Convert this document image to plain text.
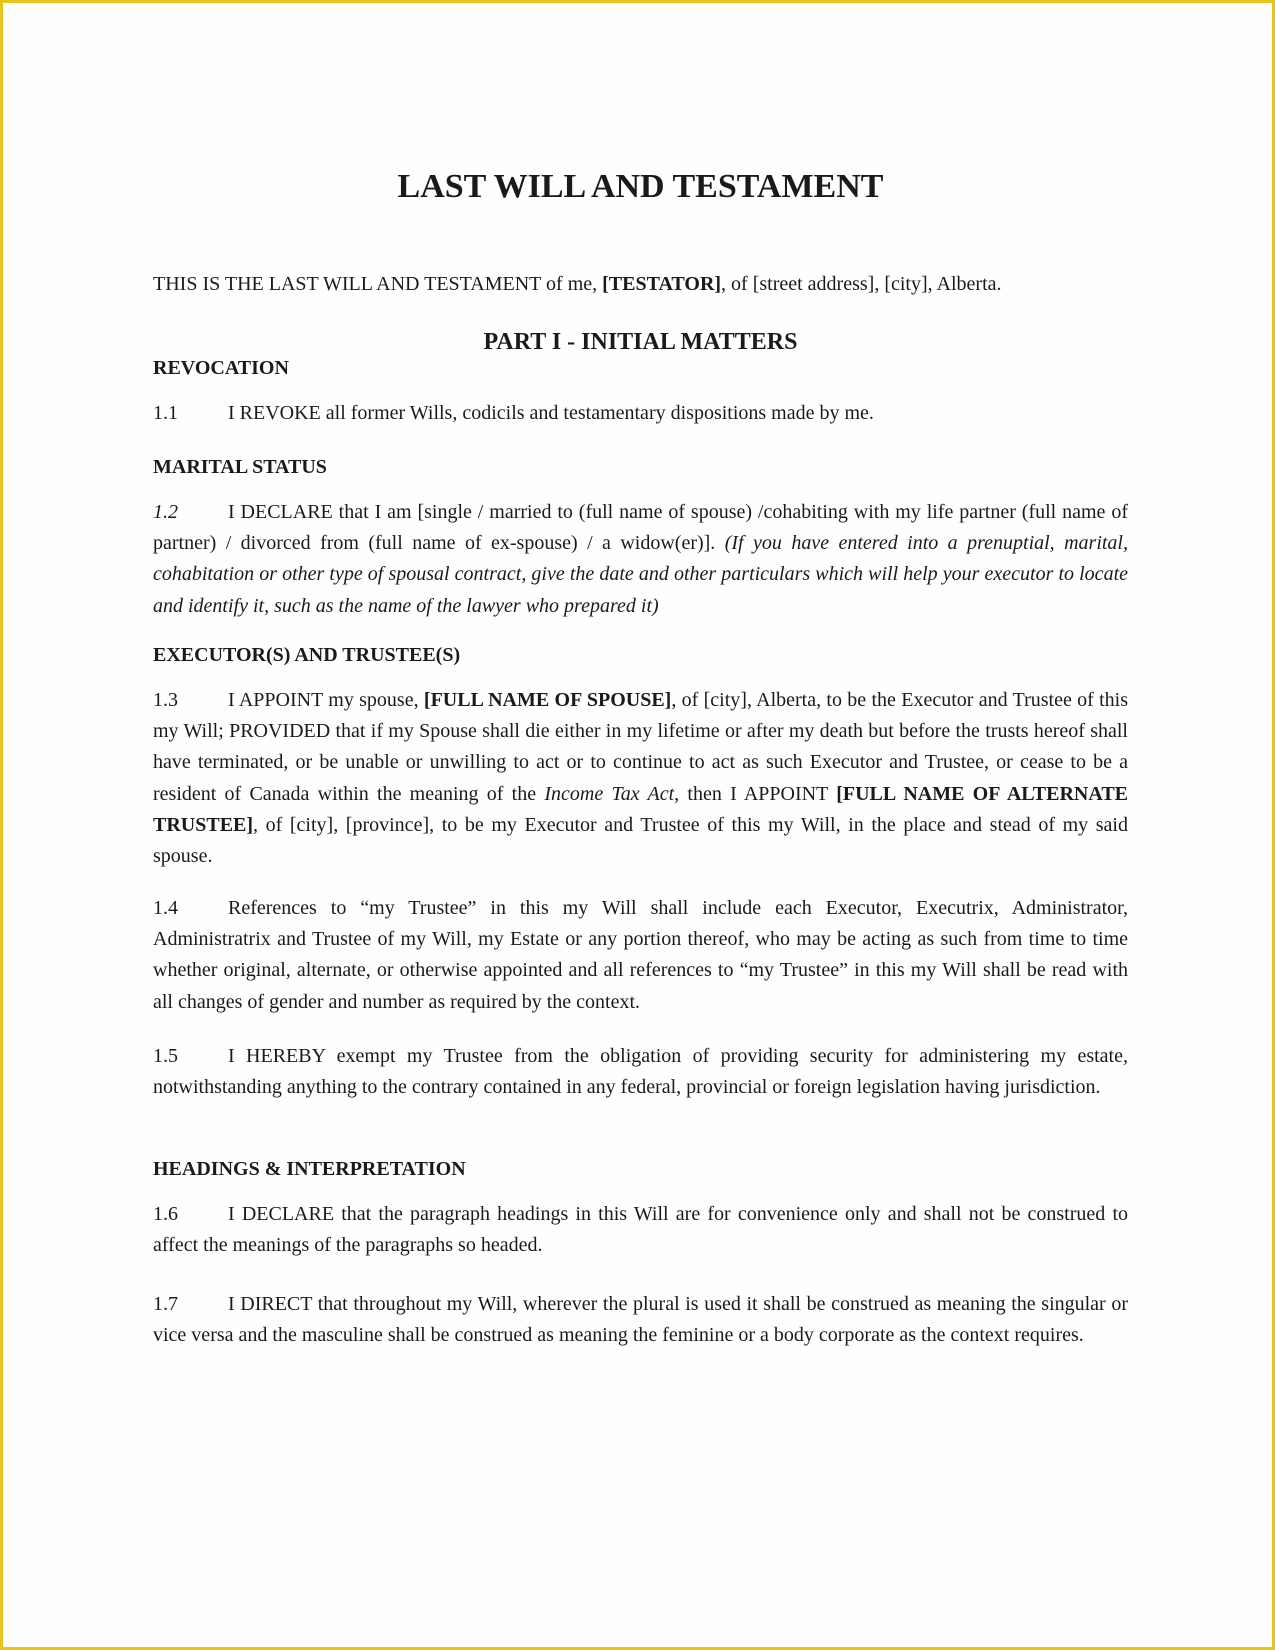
LAST WILL AND TESTAMENT

THIS IS THE LAST WILL AND TESTAMENT of me, [TESTATOR], of [street address], [city], Alberta.

PART I - INITIAL MATTERS
REVOCATION

1.1	I REVOKE all former Wills, codicils and testamentary dispositions made by me.

MARITAL STATUS

1.2	I DECLARE that I am [single / married to (full name of spouse) /cohabiting with my life partner (full name of partner) / divorced from (full name of ex-spouse) / a widow(er)]. (If you have entered into a prenuptial, marital, cohabitation or other type of spousal contract, give the date and other particulars which will help your executor to locate and identify it, such as the name of the lawyer who prepared it)

EXECUTOR(S) AND TRUSTEE(S)

1.3	I APPOINT my spouse, [FULL NAME OF SPOUSE], of [city], Alberta, to be the Executor and Trustee of this my Will; PROVIDED that if my Spouse shall die either in my lifetime or after my death but before the trusts hereof shall have terminated, or be unable or unwilling to act or to continue to act as such Executor and Trustee, or cease to be a resident of Canada within the meaning of the Income Tax Act, then I APPOINT [FULL NAME OF ALTERNATE TRUSTEE], of [city], [province], to be my Executor and Trustee of this my Will, in the place and stead of my said spouse.

1.4	References to “my Trustee” in this my Will shall include each Executor, Executrix, Administrator, Administratrix and Trustee of my Will, my Estate or any portion thereof, who may be acting as such from time to time whether original, alternate, or otherwise appointed and all references to “my Trustee” in this my Will shall be read with all changes of gender and number as required by the context.

1.5	I HEREBY exempt my Trustee from the obligation of providing security for administering my estate, notwithstanding anything to the contrary contained in any federal, provincial or foreign legislation having jurisdiction.

HEADINGS & INTERPRETATION

1.6	I DECLARE that the paragraph headings in this Will are for convenience only and shall not be construed to affect the meanings of the paragraphs so headed.

1.7	I DIRECT that throughout my Will, wherever the plural is used it shall be construed as meaning the singular or vice versa and the masculine shall be construed as meaning the feminine or a body corporate as the context requires.
